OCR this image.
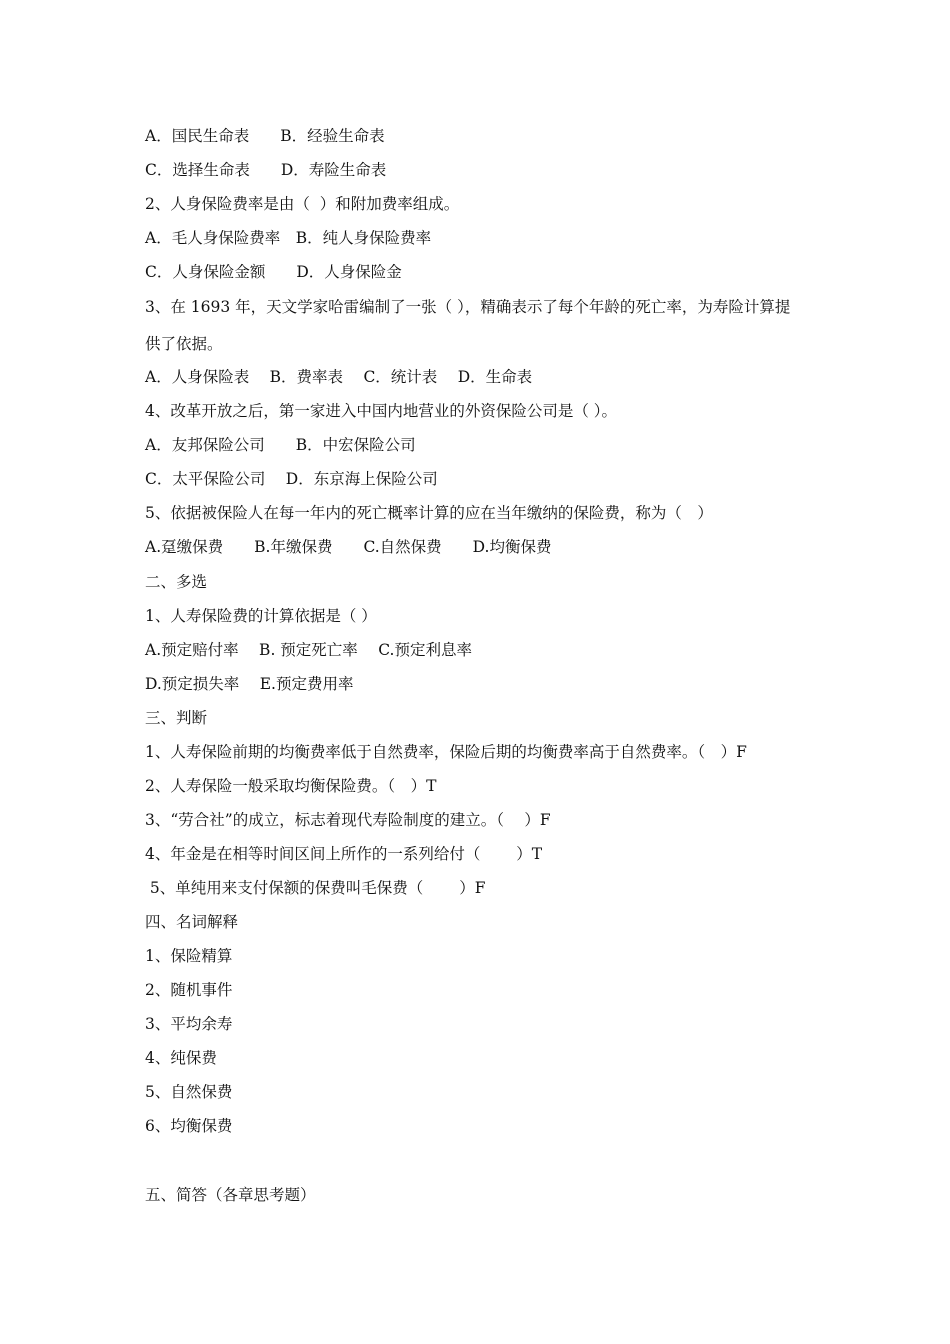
A．国民生命表　　B．经验生命表

C．选择生命表　　D．寿险生命表

2、人身保险费率是由（  ）和附加费率组成。

A．毛人身保险费率　B．纯人身保险费率

C．人身保险金额　　D．人身保险金

3、在 1693 年，天文学家哈雷编制了一张（ ），精确表示了每个年龄的死亡率，为寿险计算提

供了依据。

A．人身保险表　 B．费率表　 C．统计表　 D．生命表

4、改革开放之后，第一家进入中国内地营业的外资保险公司是（ ）。

A．友邦保险公司　　B．中宏保险公司

C．太平保险公司　 D．东京海上保险公司

5、依据被保险人在每一年内的死亡概率计算的应在当年缴纳的保险费，称为（　）

A.趸缴保费　　B.年缴保费　　C.自然保费　　D.均衡保费

二、多选

1、人寿保险费的计算依据是（ ）

A.预定赔付率　 B. 预定死亡率　 C.预定利息率

D.预定损失率　 E.预定费用率

三、判断

1、人寿保险前期的均衡费率低于自然费率，保险后期的均衡费率高于自然费率。（　）F

2、人寿保险一般采取均衡保险费。（　）T

3、“劳合社”的成立，标志着现代寿险制度的建立。（　 ）F

4、年金是在相等时间区间上所作的一系列给付（　　 ）T

5、单纯用来支付保额的保费叫毛保费（　　 ）F

四、名词解释

1、保险精算

2、随机事件

3、平均余寿

4、纯保费

5、自然保费

6、均衡保费

五、简答（各章思考题）
